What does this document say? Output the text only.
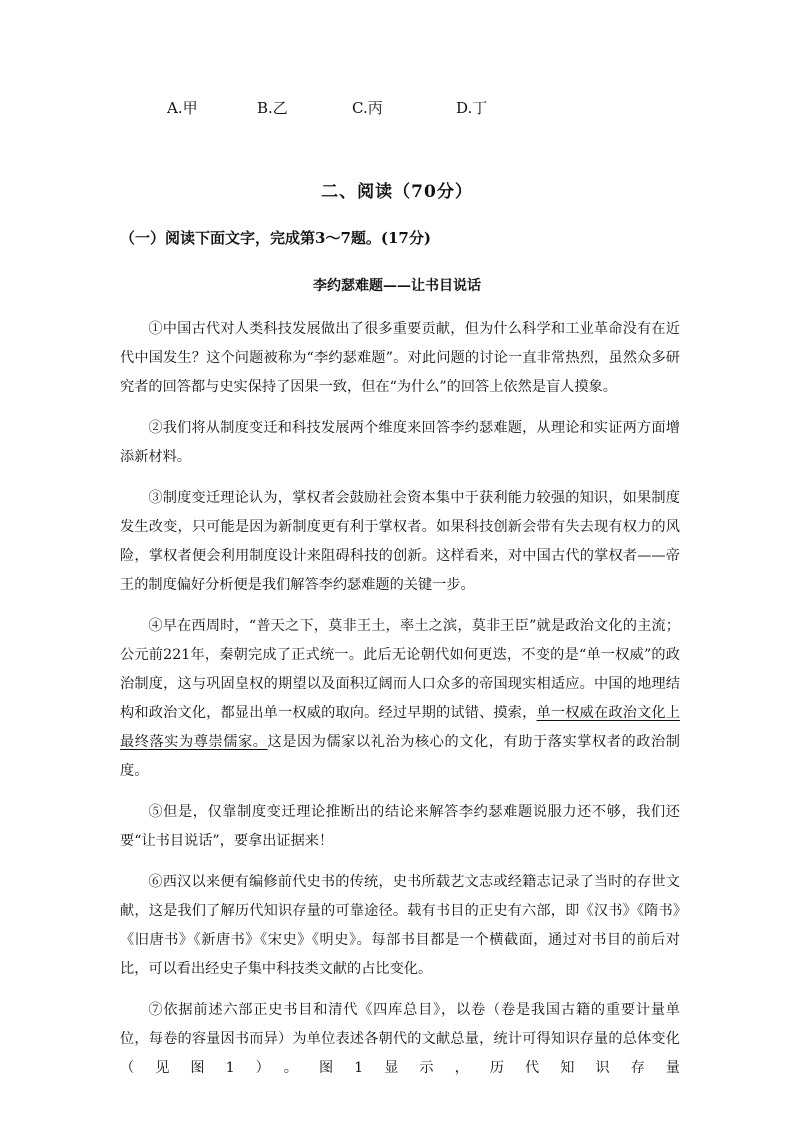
A.甲	B.乙	C.丙	D.丁
二、阅读（70分）
（一）阅读下面文字，完成第3～7题。(17分)
李约瑟难题——让书目说话

①中国古代对人类科技发展做出了很多重要贡献，但为什么科学和工业革命没有在近代中国发生？这个问题被称为“李约瑟难题”。对此问题的讨论一直非常热烈，虽然众多研究者的回答都与史实保持了因果一致，但在“为什么”的回答上依然是盲人摸象。

②我们将从制度变迁和科技发展两个维度来回答李约瑟难题，从理论和实证两方面增添新材料。

③制度变迁理论认为，掌权者会鼓励社会资本集中于获利能力较强的知识，如果制度发生改变，只可能是因为新制度更有利于掌权者。如果科技创新会带有失去现有权力的风险，掌权者便会利用制度设计来阻碍科技的创新。这样看来，对中国古代的掌权者——帝王的制度偏好分析便是我们解答李约瑟难题的关键一步。

④早在西周时，“普天之下，莫非王土，率土之滨，莫非王臣”就是政治文化的主流；公元前221年，秦朝完成了正式统一。此后无论朝代如何更迭，不变的是“单一权威”的政治制度，这与巩固皇权的期望以及面积辽阔而人口众多的帝国现实相适应。中国的地理结构和政治文化，都显出单一权威的取向。经过早期的试错、摸索，单一权威在政治文化上最终落实为尊崇儒家。这是因为儒家以礼治为核心的文化，有助于落实掌权者的政治制度。

⑤但是，仅靠制度变迁理论推断出的结论来解答李约瑟难题说服力还不够，我们还要“让书目说话”，要拿出证据来！

⑥西汉以来便有编修前代史书的传统，史书所载艺文志或经籍志记录了当时的存世文献，这是我们了解历代知识存量的可靠途径。载有书目的正史有六部，即《汉书》《隋书》《旧唐书》《新唐书》《宋史》《明史》。每部书目都是一个横截面，通过对书目的前后对比，可以看出经史子集中科技类文献的占比变化。

⑦依据前述六部正史书目和清代《四库总目》，以卷（卷是我国古籍的重要计量单位，每卷的容量因书而异）为单位表述各朝代的文献总量，统计可得知识存量的总体变化（见图1）。图1显示，历代知识存量
